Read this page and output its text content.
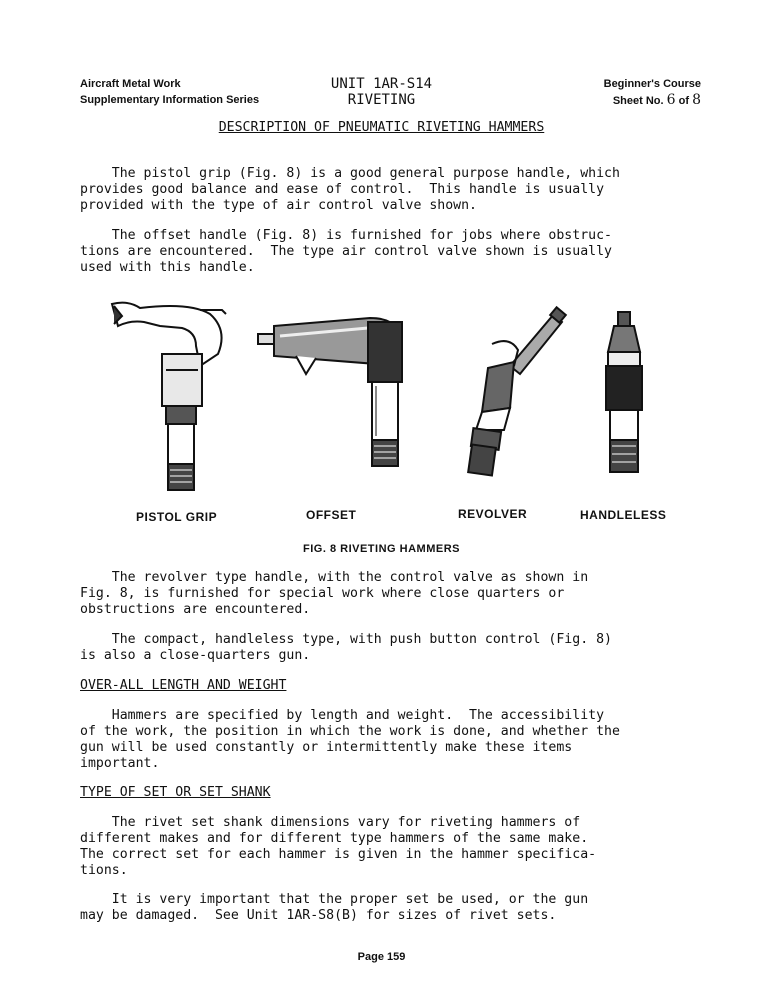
Aircraft Metal Work
Supplementary Information Series
UNIT 1AR-S14
RIVETING
Beginner's Course
Sheet No. 6 of 8
DESCRIPTION OF PNEUMATIC RIVETING HAMMERS
The pistol grip (Fig. 8) is a good general purpose handle, which
provides good balance and ease of control.  This handle is usually
provided with the type of air control valve shown.
The offset handle (Fig. 8) is furnished for jobs where obstruc-
tions are encountered.  The type air control valve shown is usually
used with this handle.
PISTOL GRIP	OFFSET	REVOLVER	HANDLELESS
FIG. 8 RIVETING HAMMERS
The revolver type handle, with the control valve as shown in
Fig. 8, is furnished for special work where close quarters or
obstructions are encountered.
The compact, handleless type, with push button control (Fig. 8)
is also a close-quarters gun.
OVER-ALL LENGTH AND WEIGHT
Hammers are specified by length and weight.  The accessibility
of the work, the position in which the work is done, and whether the
gun will be used constantly or intermittently make these items
important.
TYPE OF SET OR SET SHANK
The rivet set shank dimensions vary for riveting hammers of
different makes and for different type hammers of the same make.
The correct set for each hammer is given in the hammer specifica-
tions.
It is very important that the proper set be used, or the gun
may be damaged.  See Unit 1AR-S8(B) for sizes of rivet sets.
Page 159
